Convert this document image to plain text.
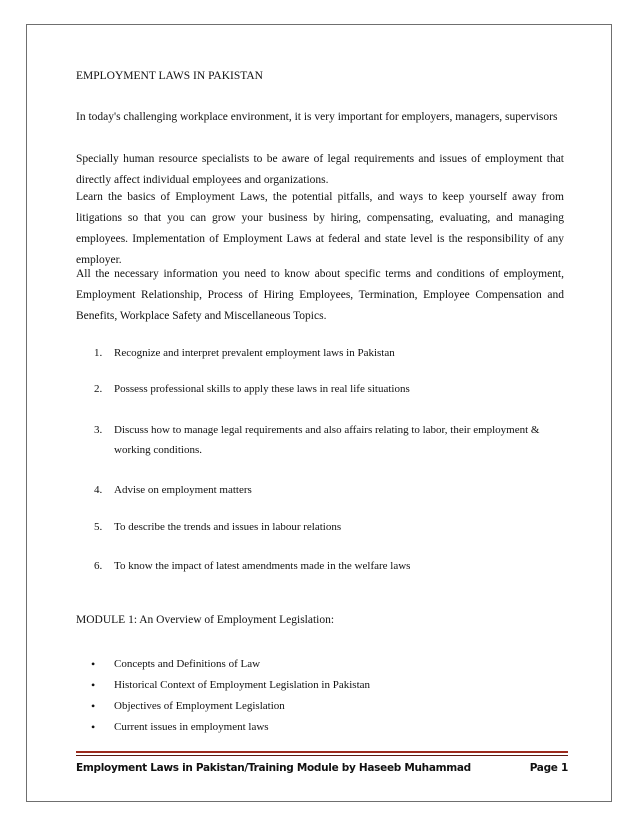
EMPLOYMENT LAWS IN PAKISTAN
In today's challenging workplace environment, it is very important for employers, managers, supervisors
Specially human resource specialists to be aware of legal requirements and issues of employment that directly affect individual employees and organizations.
Learn the basics of Employment Laws, the potential pitfalls, and ways to keep yourself away from litigations so that you can grow your business by hiring, compensating, evaluating, and managing employees. Implementation of Employment Laws at federal and state level is the responsibility of any employer.
All the necessary information you need to know about specific terms and conditions of employment, Employment Relationship, Process of Hiring Employees, Termination, Employee Compensation and Benefits, Workplace Safety and Miscellaneous Topics.
1. Recognize and interpret prevalent employment laws in Pakistan
2. Possess professional skills to apply these laws in real life situations
3. Discuss how to manage legal requirements and also affairs relating to labor, their employment & working conditions.
4. Advise on employment matters
5. To describe the trends and issues in labour relations
6. To know the impact of latest amendments made in the welfare laws
MODULE 1: An Overview of Employment Legislation:
• Concepts and Definitions of Law
• Historical Context of Employment Legislation in Pakistan
• Objectives of Employment Legislation
• Current issues in employment laws
Employment Laws in Pakistan/Training Module by Haseeb Muhammad	Page 1
